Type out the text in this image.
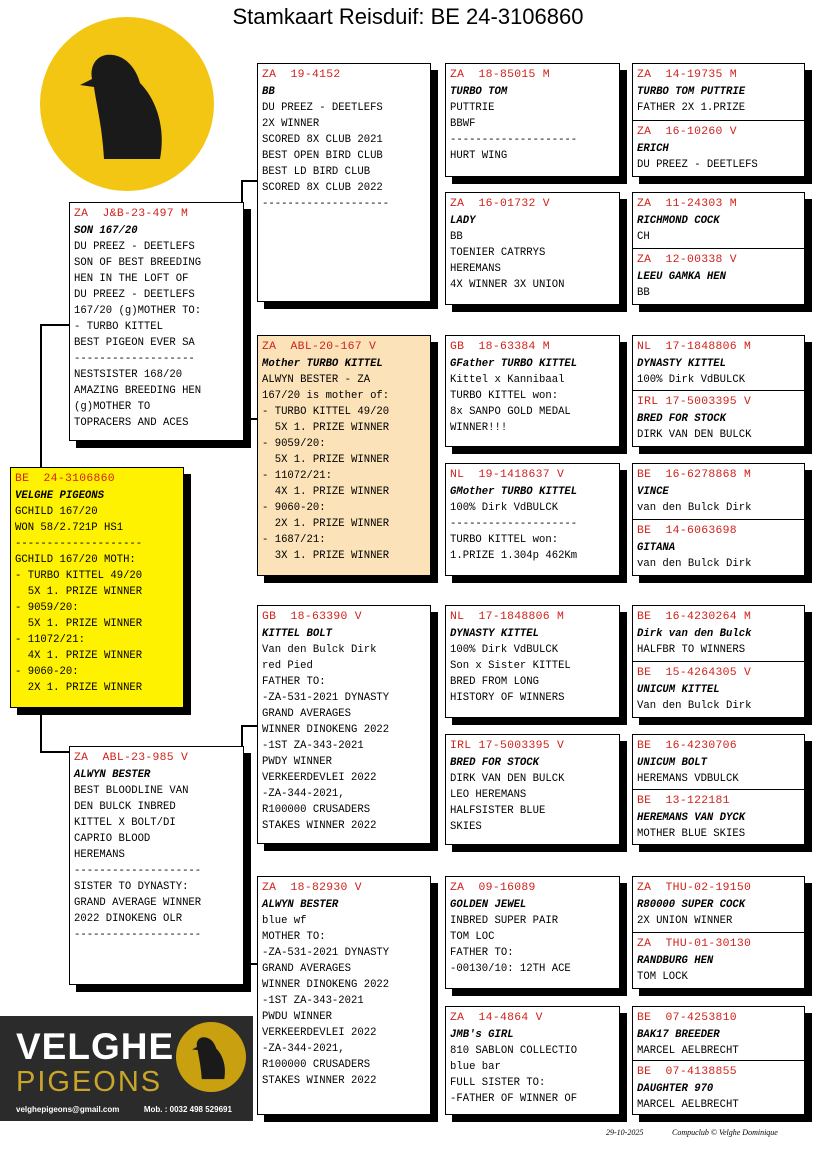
Stamkaart Reisduif: BE 24-3106860
BE  24-3106860
VELGHE PIGEONS
GCHILD 167/20
WON 58/2.721P HS1
--------------------
GCHILD 167/20 MOTH:
- TURBO KITTEL 49/20
5X 1. PRIZE WINNER
- 9059/20:
5X 1. PRIZE WINNER
- 11072/21:
4X 1. PRIZE WINNER
- 9060-20:
2X 1. PRIZE WINNER
ZA  J&B-23-497 M
SON 167/20
DU PREEZ - DEETLEFS
SON OF BEST BREEDING
HEN IN THE LOFT OF
DU PREEZ - DEETLEFS
167/20 (g)MOTHER TO:
- TURBO KITTEL
BEST PIGEON EVER SA
-------------------
NESTSISTER 168/20
AMAZING BREEDING HEN
(g)MOTHER TO
TOPRACERS AND ACES
ZA  ABL-23-985 V
ALWYN BESTER
BEST BLOODLINE VAN
DEN BULCK INBRED
KITTEL X BOLT/DI
CAPRIO BLOOD
HEREMANS
--------------------
SISTER TO DYNASTY:
GRAND AVERAGE WINNER
2022 DINOKENG OLR
--------------------
ZA  19-4152
BB
DU PREEZ - DEETLEFS
2X WINNER
SCORED 8X CLUB 2021
BEST OPEN BIRD CLUB
BEST LD BIRD CLUB
SCORED 8X CLUB 2022
--------------------
ZA  ABL-20-167 V
Mother TURBO KITTEL
ALWYN BESTER - ZA
167/20 is mother of:
- TURBO KITTEL 49/20
5X 1. PRIZE WINNER
- 9059/20:
5X 1. PRIZE WINNER
- 11072/21:
4X 1. PRIZE WINNER
- 9060-20:
2X 1. PRIZE WINNER
- 1687/21:
3X 1. PRIZE WINNER
GB  18-63390 V
KITTEL BOLT
Van den Bulck Dirk
red Pied
FATHER TO:
-ZA-531-2021 DYNASTY
GRAND AVERAGES
WINNER DINOKENG 2022
-1ST ZA-343-2021
PWDY WINNER
VERKEERDEVLEI 2022
-ZA-344-2021,
R100000 CRUSADERS
STAKES WINNER 2022
ZA  18-82930 V
ALWYN BESTER
blue wf
MOTHER TO:
-ZA-531-2021 DYNASTY
GRAND AVERAGES
WINNER DINOKENG 2022
-1ST ZA-343-2021
PWDU WINNER
VERKEERDEVLEI 2022
-ZA-344-2021,
R100000 CRUSADERS
STAKES WINNER 2022
ZA  18-85015 M
TURBO TOM
PUTTRIE
BBWF
--------------------
HURT WING
ZA  16-01732 V
LADY
BB
TOENIER CATRRYS
HEREMANS
4X WINNER 3X UNION
GB  18-63384 M
GFather TURBO KITTEL
Kittel x Kannibaal
TURBO KITTEL won:
8x SANPO GOLD MEDAL
WINNER!!!
NL  19-1418637 V
GMother TURBO KITTEL
100% Dirk VdBULCK
--------------------
TURBO KITTEL won:
1.PRIZE 1.304p 462Km
NL  17-1848806 M
DYNASTY KITTEL
100% Dirk VdBULCK
Son x Sister KITTEL
BRED FROM LONG
HISTORY OF WINNERS
IRL 17-5003395 V
BRED FOR STOCK
DIRK VAN DEN BULCK
LEO HEREMANS
HALFSISTER BLUE
SKIES
ZA  09-16089
GOLDEN JEWEL
INBRED SUPER PAIR
TOM LOC
FATHER TO:
-00130/10: 12TH ACE
ZA  14-4864 V
JMB's GIRL
810 SABLON COLLECTIO
blue bar
FULL SISTER TO:
-FATHER OF WINNER OF
ZA  14-19735 M
TURBO TOM PUTTRIE
FATHER 2X 1.PRIZE
ZA  16-10260 V
ERICH
DU PREEZ - DEETLEFS
ZA  11-24303 M
RICHMOND COCK
CH
ZA  12-00338 V
LEEU GAMKA HEN
BB
NL  17-1848806 M
DYNASTY KITTEL
100% Dirk VdBULCK
IRL 17-5003395 V
BRED FOR STOCK
DIRK VAN DEN BULCK
BE  16-6278868 M
VINCE
van den Bulck Dirk
BE  14-6063698
GITANA
van den Bulck Dirk
BE  16-4230264 M
Dirk van den Bulck
HALFBR TO WINNERS
BE  15-4264305 V
UNICUM KITTEL
Van den Bulck Dirk
BE  16-4230706
UNICUM BOLT
HEREMANS VDBULCK
BE  13-122181
HEREMANS VAN DYCK
MOTHER BLUE SKIES
ZA  THU-02-19150
R80000 SUPER COCK
2X UNION WINNER
ZA  THU-01-30130
RANDBURG HEN
TOM LOCK
BE  07-4253810
BAK17 BREEDER
MARCEL AELBRECHT
BE  07-4138855
DAUGHTER 970
MARCEL AELBRECHT
VELGHE
PIGEONS
velghepigeons@gmail.com	Mob. : 0032 498 529691
29-10-2025	Compuclub © Velghe Dominique
